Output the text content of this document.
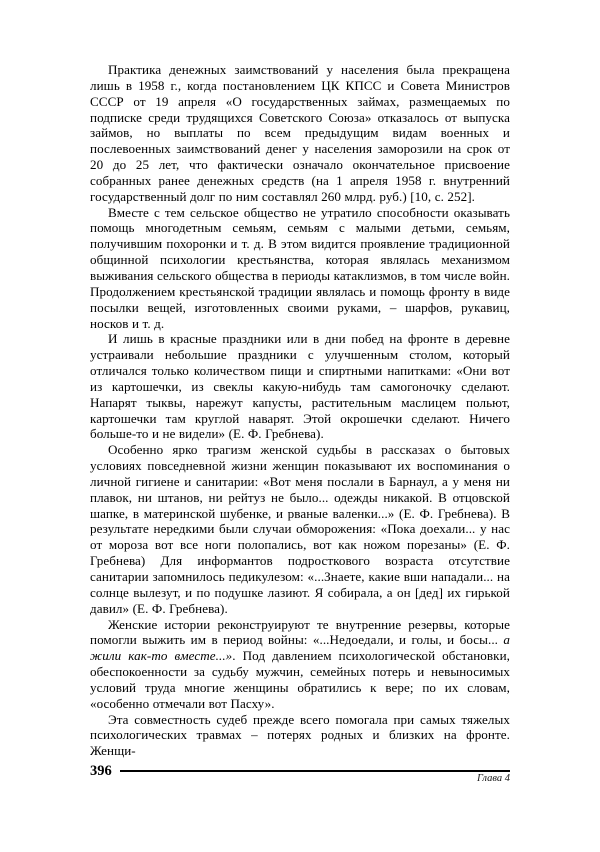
Практика денежных заимствований у населения была прекращена лишь в 1958 г., когда постановлением ЦК КПСС и Совета Министров СССР от 19 апреля «О государственных займах, размещаемых по подписке среди трудящихся Советского Союза» отказалось от выпуска займов, но выплаты по всем предыдущим видам военных и послевоенных заимствований денег у населения заморозили на срок от 20 до 25 лет, что фактически означало окончательное присвоение собранных ранее денежных средств (на 1 апреля 1958 г. внутренний государственный долг по ним составлял 260 млрд. руб.) [10, с. 252].

Вместе с тем сельское общество не утратило способности оказывать помощь многодетным семьям, семьям с малыми детьми, семьям, получившим похоронки и т. д. В этом видится проявление традиционной общинной психологии крестьянства, которая являлась механизмом выживания сельского общества в периоды катаклизмов, в том числе войн. Продолжением крестьянской традиции являлась и помощь фронту в виде посылки вещей, изготовленных своими руками, – шарфов, рукавиц, носков и т. д.

И лишь в красные праздники или в дни побед на фронте в деревне устраивали небольшие праздники с улучшенным столом, который отличался только количеством пищи и спиртными напитками: «Они вот из картошечки, из свеклы какую-нибудь там самогоночку сделают. Напарят тыквы, нарежут капусты, растительным маслицем польют, картошечки там круглой наварят. Этой окрошечки сделают. Ничего больше-то и не видели» (Е. Ф. Гребнева).

Особенно ярко трагизм женской судьбы в рассказах о бытовых условиях повседневной жизни женщин показывают их воспоминания о личной гигиене и санитарии: «Вот меня послали в Барнаул, а у меня ни плавок, ни штанов, ни рейтуз не было... одежды никакой. В отцовской шапке, в материнской шубенке, и рваные валенки...» (Е. Ф. Гребнева). В результате нередкими были случаи обморожения: «Пока доехали... у нас от мороза вот все ноги полопались, вот как ножом порезаны» (Е. Ф. Гребнева) Для информантов подросткового возраста отсутствие санитарии запомнилось педикулезом: «...Знаете, какие вши нападали... на солнце вылезут, и по подушке лазиют. Я собирала, а он [дед] их гирькой давил» (Е. Ф. Гребнева).

Женские истории реконструируют те внутренние резервы, которые помогли выжить им в период войны: «...Недоедали, и голы, и босы... а жили как-то вместе...». Под давлением психологической обстановки, обеспокоенности за судьбу мужчин, семейных потерь и невыносимых условий труда многие женщины обратились к вере; по их словам, «особенно отмечали вот Пасху».

Эта совместность судеб прежде всего помогала при самых тяжелых психологических травмах – потерях родных и близких на фронте. Женщи-

396	Глава 4
